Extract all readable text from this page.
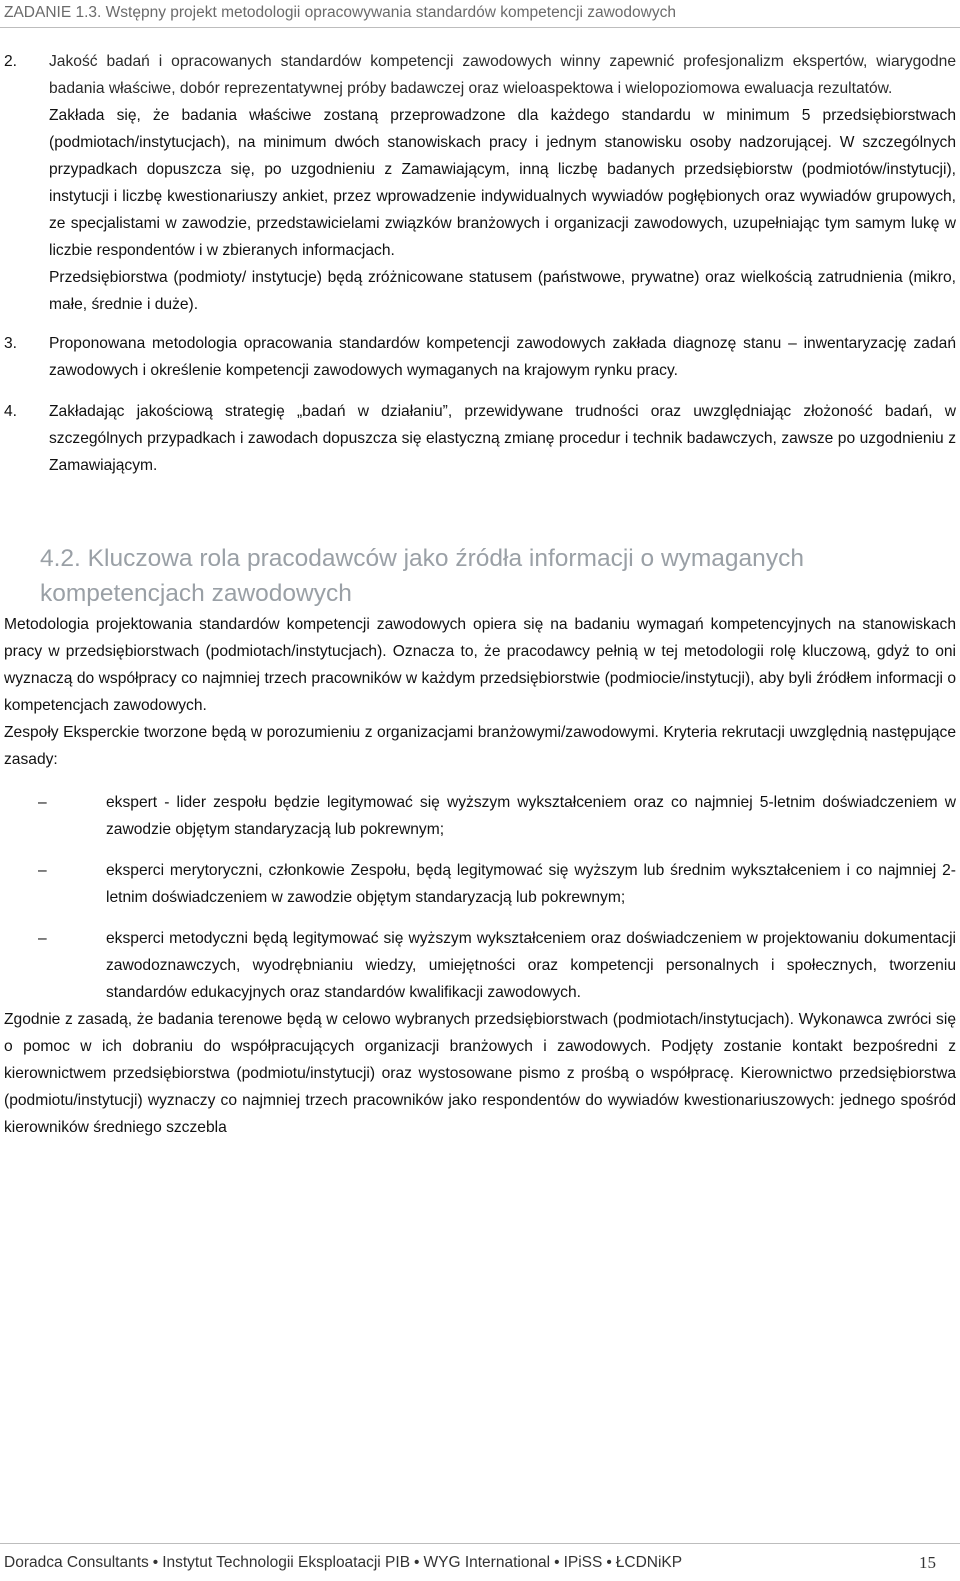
ZADANIE 1.3. Wstępny projekt metodologii opracowywania standardów kompetencji zawodowych
2. Jakość badań i opracowanych standardów kompetencji zawodowych winny zapewnić profesjonalizm ekspertów, wiarygodne badania właściwe, dobór reprezentatywnej próby badawczej oraz wieloaspektowa i wielopoziomowa ewaluacja rezultatów.

Zakłada się, że badania właściwe zostaną przeprowadzone dla każdego standardu w minimum 5 przedsiębiorstwach (podmiotach/instytucjach), na minimum dwóch stanowiskach pracy i jednym stanowisku osoby nadzorującej. W szczególnych przypadkach dopuszcza się, po uzgodnieniu z Zamawiającym, inną liczbę badanych przedsiębiorstw (podmiotów/instytucji), instytucji i liczbę kwestionariuszy ankiet, przez wprowadzenie indywidualnych wywiadów pogłębionych oraz wywiadów grupowych, ze specjalistami w zawodzie, przedstawicielami związków branżowych i organizacji zawodowych, uzupełniając tym samym lukę w liczbie respondentów i w zbieranych informacjach.

Przedsiębiorstwa (podmioty/ instytucje) będą zróżnicowane statusem (państwowe, prywatne) oraz wielkością zatrudnienia (mikro, małe, średnie i duże).

3. Proponowana metodologia opracowania standardów kompetencji zawodowych zakłada diagnozę stanu – inwentaryzację zadań zawodowych i określenie kompetencji zawodowych wymaganych na krajowym rynku pracy.

4. Zakładając jakościową strategię „badań w działaniu”, przewidywane trudności oraz uwzględniając złożoność badań, w szczególnych przypadkach i zawodach dopuszcza się elastyczną zmianę procedur i technik badawczych, zawsze po uzgodnieniu z Zamawiającym.

4.2. Kluczowa rola pracodawców jako źródła informacji o wymaganych kompetencjach zawodowych

Metodologia projektowania standardów kompetencji zawodowych opiera się na badaniu wymagań kompetencyjnych na stanowiskach pracy w przedsiębiorstwach (podmiotach/instytucjach). Oznacza to, że pracodawcy pełnią w tej metodologii rolę kluczową, gdyż to oni wyznaczą do współpracy co najmniej trzech pracowników w każdym przedsiębiorstwie (podmiocie/instytucji), aby byli źródłem informacji o kompetencjach zawodowych.

Zespoły Eksperckie tworzone będą w porozumieniu z organizacjami branżowymi/zawodowymi. Kryteria rekrutacji uwzględnią następujące zasady:

–	ekspert - lider zespołu będzie legitymować się wyższym wykształceniem oraz co najmniej 5-letnim doświadczeniem w zawodzie objętym standaryzacją lub pokrewnym;
–	eksperci merytoryczni, członkowie Zespołu, będą legitymować się wyższym lub średnim wykształceniem i co najmniej 2-letnim doświadczeniem w zawodzie objętym standaryzacją lub pokrewnym;
–	eksperci metodyczni będą legitymować się wyższym wykształceniem oraz doświadczeniem w projektowaniu dokumentacji zawodoznawczych, wyodrębnianiu wiedzy, umiejętności oraz kompetencji personalnych i społecznych, tworzeniu standardów edukacyjnych oraz standardów kwalifikacji zawodowych.

Zgodnie z zasadą, że badania terenowe będą w celowo wybranych przedsiębiorstwach (podmiotach/instytucjach). Wykonawca zwróci się o pomoc w ich dobraniu do współpracujących organizacji branżowych i zawodowych. Podjęty zostanie kontakt bezpośredni z kierownictwem przedsiębiorstwa (podmiotu/instytucji) oraz wystosowane pismo z prośbą o współpracę. Kierownictwo przedsiębiorstwa (podmiotu/instytucji) wyznaczy co najmniej trzech pracowników jako respondentów do wywiadów kwestionariuszowych: jednego spośród kierowników średniego szczebla

Doradca Consultants • Instytut Technologii Eksploatacji PIB • WYG International • IPiSS • ŁCDNiKP	15
